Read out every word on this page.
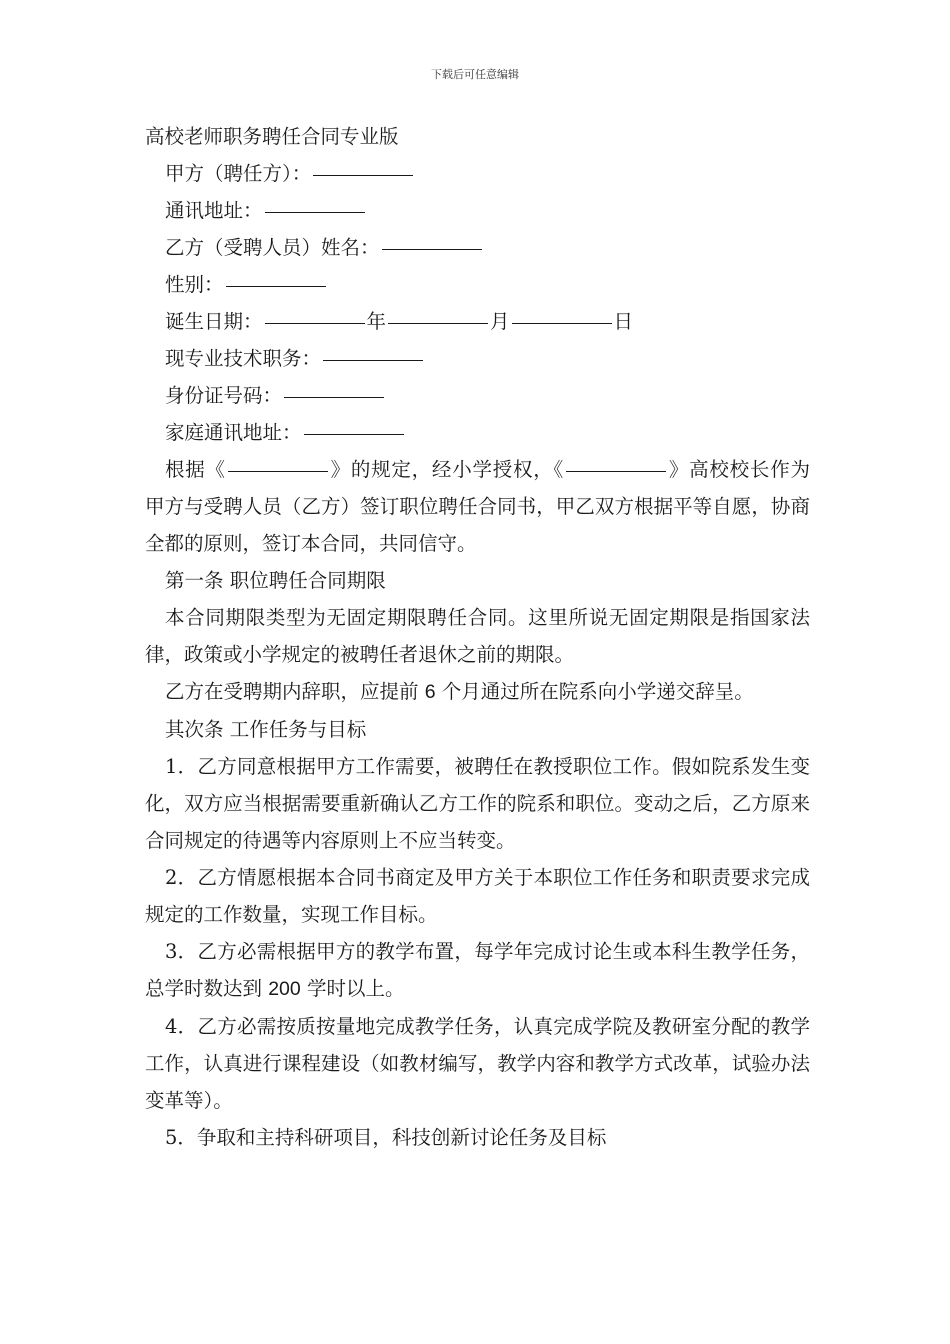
下载后可任意编辑
高校老师职务聘任合同专业版
甲方（聘任方）：
通讯地址：
乙方（受聘人员）姓名：
性别：
诞生日期：	年	月	日
现专业技术职务：
身份证号码：
家庭通讯地址：
根据《	》的规定，经小学授权，《	》高校校长作为甲方与受聘人员（乙方）签订职位聘任合同书，甲乙双方根据平等自愿，协商全都的原则，签订本合同，共同信守。
第一条 职位聘任合同期限
本合同期限类型为无固定期限聘任合同。这里所说无固定期限是指国家法律，政策或小学规定的被聘任者退休之前的期限。
乙方在受聘期内辞职，应提前 6 个月通过所在院系向小学递交辞呈。
其次条 工作任务与目标
1．乙方同意根据甲方工作需要，被聘任在教授职位工作。假如院系发生变化，双方应当根据需要重新确认乙方工作的院系和职位。变动之后，乙方原来合同规定的待遇等内容原则上不应当转变。
2．乙方情愿根据本合同书商定及甲方关于本职位工作任务和职责要求完成规定的工作数量，实现工作目标。
3．乙方必需根据甲方的教学布置，每学年完成讨论生或本科生教学任务，总学时数达到 200 学时以上。
4．乙方必需按质按量地完成教学任务，认真完成学院及教研室分配的教学工作，认真进行课程建设（如教材编写，教学内容和教学方式改革，试验办法变革等）。
5．争取和主持科研项目，科技创新讨论任务及目标
